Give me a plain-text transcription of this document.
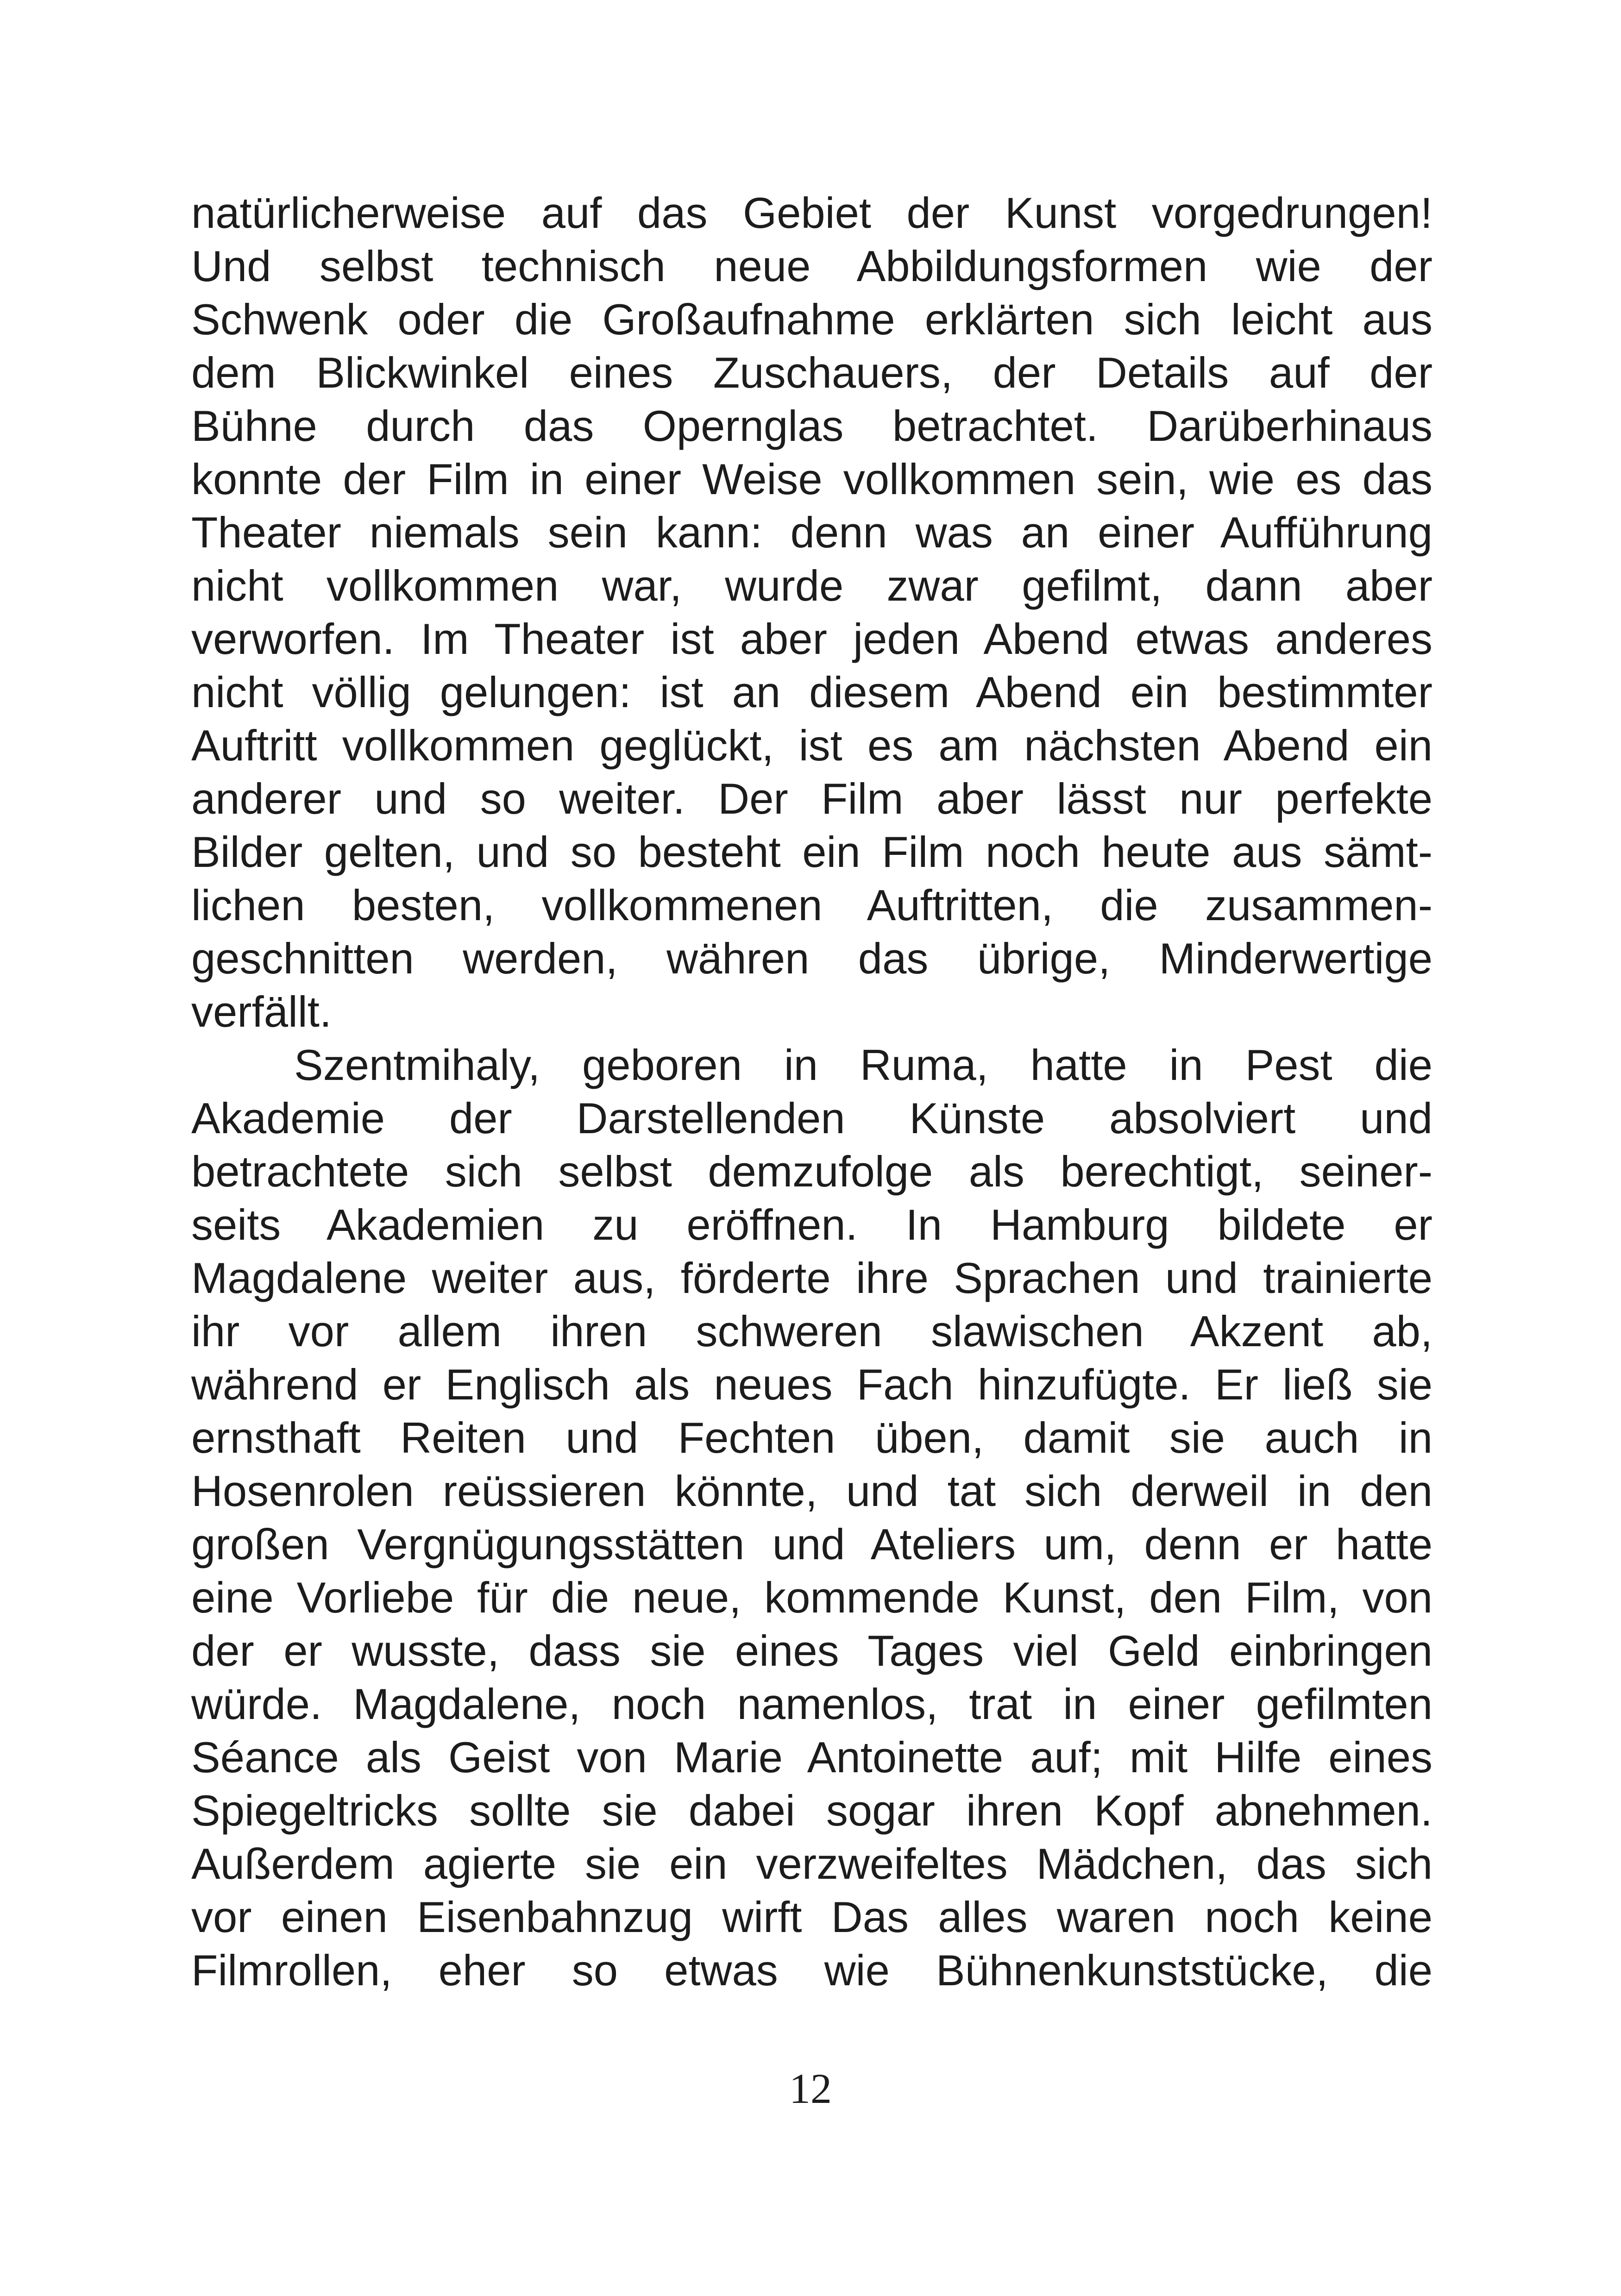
natürlicherweise auf das Gebiet der Kunst vorgedrungen!
Und selbst technisch neue Abbildungsformen wie der
Schwenk oder die Großaufnahme erklärten sich leicht aus
dem Blickwinkel eines Zuschauers, der Details auf der
Bühne durch das Opernglas betrachtet. Darüberhinaus
konnte der Film in einer Weise vollkommen sein, wie es das
Theater niemals sein kann: denn was an einer Aufführung
nicht vollkommen war, wurde zwar gefilmt, dann aber
verworfen. Im Theater ist aber jeden Abend etwas anderes
nicht völlig gelungen: ist an diesem Abend ein bestimmter
Auftritt vollkommen geglückt, ist es am nächsten Abend ein
anderer und so weiter. Der Film aber lässt nur perfekte
Bilder gelten, und so besteht ein Film noch heute aus sämt-
lichen besten, vollkommenen Auftritten, die zusammen-
geschnitten werden, währen das übrige, Minderwertige
verfällt.
Szentmihaly, geboren in Ruma, hatte in Pest die
Akademie der Darstellenden Künste absolviert und
betrachtete sich selbst demzufolge als berechtigt, seiner-
seits Akademien zu eröffnen. In Hamburg bildete er
Magdalene weiter aus, förderte ihre Sprachen und trainierte
ihr vor allem ihren schweren slawischen Akzent ab,
während er Englisch als neues Fach hinzufügte. Er ließ sie
ernsthaft Reiten und Fechten üben, damit sie auch in
Hosenrolen reüssieren könnte, und tat sich derweil in den
großen Vergnügungsstätten und Ateliers um, denn er hatte
eine Vorliebe für die neue, kommende Kunst, den Film, von
der er wusste, dass sie eines Tages viel Geld einbringen
würde. Magdalene, noch namenlos, trat in einer gefilmten
Séance als Geist von Marie Antoinette auf; mit Hilfe eines
Spiegeltricks sollte sie dabei sogar ihren Kopf abnehmen.
Außerdem agierte sie ein verzweifeltes Mädchen, das sich
vor einen Eisenbahnzug wirft Das alles waren noch keine
Filmrollen, eher so etwas wie Bühnenkunststücke, die
12
